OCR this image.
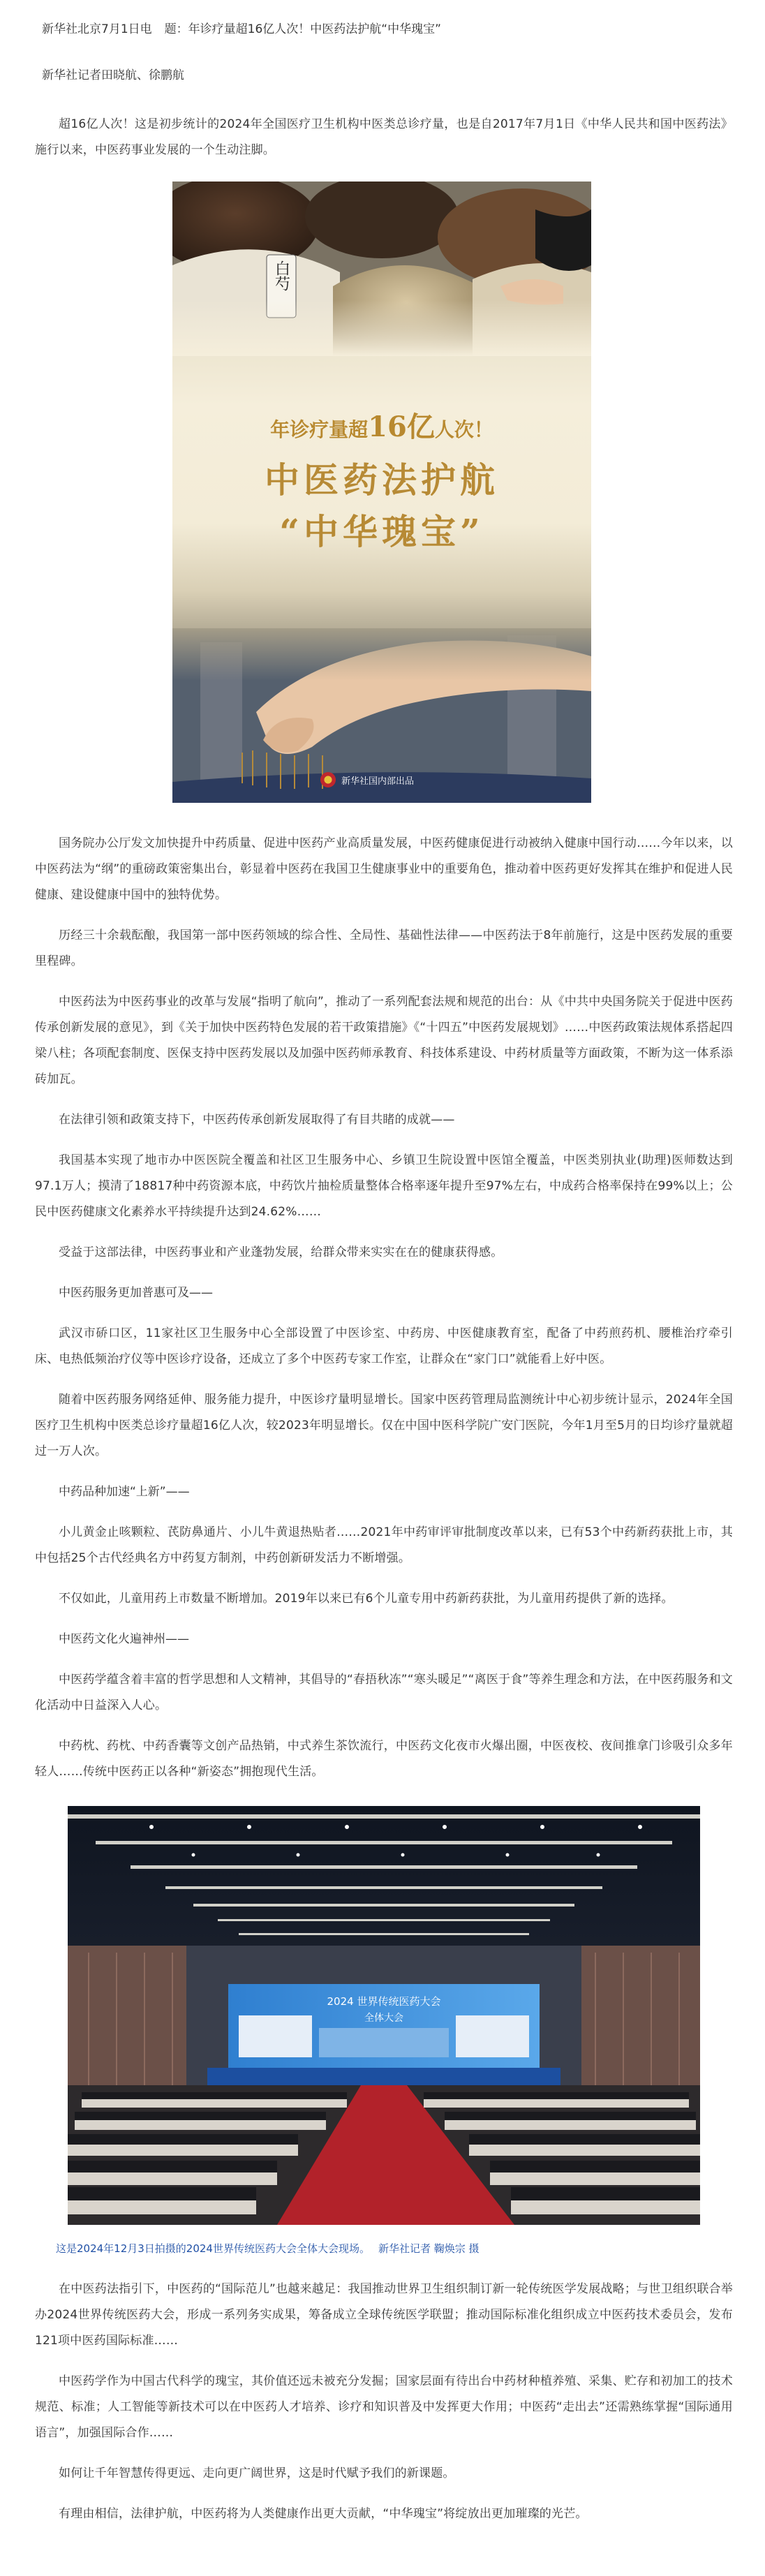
新华社北京7月1日电 题：年诊疗量超16亿人次！中医药法护航“中华瑰宝”
新华社记者田晓航、徐鹏航

超16亿人次！这是初步统计的2024年全国医疗卫生机构中医类总诊疗量，也是自2017年7月1日《中华人民共和国中医药法》施行以来，中医药事业发展的一个生动注脚。

白芍
年诊疗量超16亿人次！
中医药法护航
“中华瑰宝”
新华社国内部出品

国务院办公厅发文加快提升中药质量、促进中医药产业高质量发展，中医药健康促进行动被纳入健康中国行动……今年以来，以中医药法为“纲”的重磅政策密集出台，彰显着中医药在我国卫生健康事业中的重要角色，推动着中医药更好发挥其在维护和促进人民健康、建设健康中国中的独特优势。

历经三十余载酝酿，我国第一部中医药领域的综合性、全局性、基础性法律——中医药法于8年前施行，这是中医药发展的重要里程碑。

中医药法为中医药事业的改革与发展“指明了航向”，推动了一系列配套法规和规范的出台：从《中共中央国务院关于促进中医药传承创新发展的意见》，到《关于加快中医药特色发展的若干政策措施》《“十四五”中医药发展规划》……中医药政策法规体系搭起四梁八柱；各项配套制度、医保支持中医药发展以及加强中医药师承教育、科技体系建设、中药材质量等方面政策，不断为这一体系添砖加瓦。

在法律引领和政策支持下，中医药传承创新发展取得了有目共睹的成就——

我国基本实现了地市办中医医院全覆盖和社区卫生服务中心、乡镇卫生院设置中医馆全覆盖，中医类别执业(助理)医师数达到97.1万人；摸清了18817种中药资源本底，中药饮片抽检质量整体合格率逐年提升至97%左右，中成药合格率保持在99%以上；公民中医药健康文化素养水平持续提升达到24.62%……

受益于这部法律，中医药事业和产业蓬勃发展，给群众带来实实在在的健康获得感。

中医药服务更加普惠可及——

武汉市硚口区，11家社区卫生服务中心全部设置了中医诊室、中药房、中医健康教育室，配备了中药煎药机、腰椎治疗牵引床、电热低频治疗仪等中医诊疗设备，还成立了多个中医药专家工作室，让群众在“家门口”就能看上好中医。

随着中医药服务网络延伸、服务能力提升，中医诊疗量明显增长。国家中医药管理局监测统计中心初步统计显示，2024年全国医疗卫生机构中医类总诊疗量超16亿人次，较2023年明显增长。仅在中国中医科学院广安门医院，今年1月至5月的日均诊疗量就超过一万人次。

中药品种加速“上新”——

小儿黄金止咳颗粒、芪防鼻通片、小儿牛黄退热贴者……2021年中药审评审批制度改革以来，已有53个中药新药获批上市，其中包括25个古代经典名方中药复方制剂，中药创新研发活力不断增强。

不仅如此，儿童用药上市数量不断增加。2019年以来已有6个儿童专用中药新药获批，为儿童用药提供了新的选择。

中医药文化火遍神州——

中医药学蕴含着丰富的哲学思想和人文精神，其倡导的“春捂秋冻”“寒头暖足”“离医于食”等养生理念和方法，在中医药服务和文化活动中日益深入人心。

中药枕、药枕、中药香囊等文创产品热销，中式养生茶饮流行，中医药文化夜市火爆出圈，中医夜校、夜间推拿门诊吸引众多年轻人……传统中医药正以各种“新姿态”拥抱现代生活。

2024 世界传统医药大会
全体大会
这是2024年12月3日拍摄的2024世界传统医药大会全体大会现场。 新华社记者 鞠焕宗 摄

在中医药法指引下，中医药的“国际范儿”也越来越足：我国推动世界卫生组织制订新一轮传统医学发展战略；与世卫组织联合举办2024世界传统医药大会，形成一系列务实成果，筹备成立全球传统医学联盟；推动国际标准化组织成立中医药技术委员会，发布121项中医药国际标准……

中医药学作为中国古代科学的瑰宝，其价值还远未被充分发掘；国家层面有待出台中药材种植养殖、采集、贮存和初加工的技术规范、标准；人工智能等新技术可以在中医药人才培养、诊疗和知识普及中发挥更大作用；中医药“走出去”还需熟练掌握“国际通用语言”，加强国际合作……

如何让千年智慧传得更远、走向更广阔世界，这是时代赋予我们的新课题。

有理由相信，法律护航，中医药将为人类健康作出更大贡献，“中华瑰宝”将绽放出更加璀璨的光芒。
